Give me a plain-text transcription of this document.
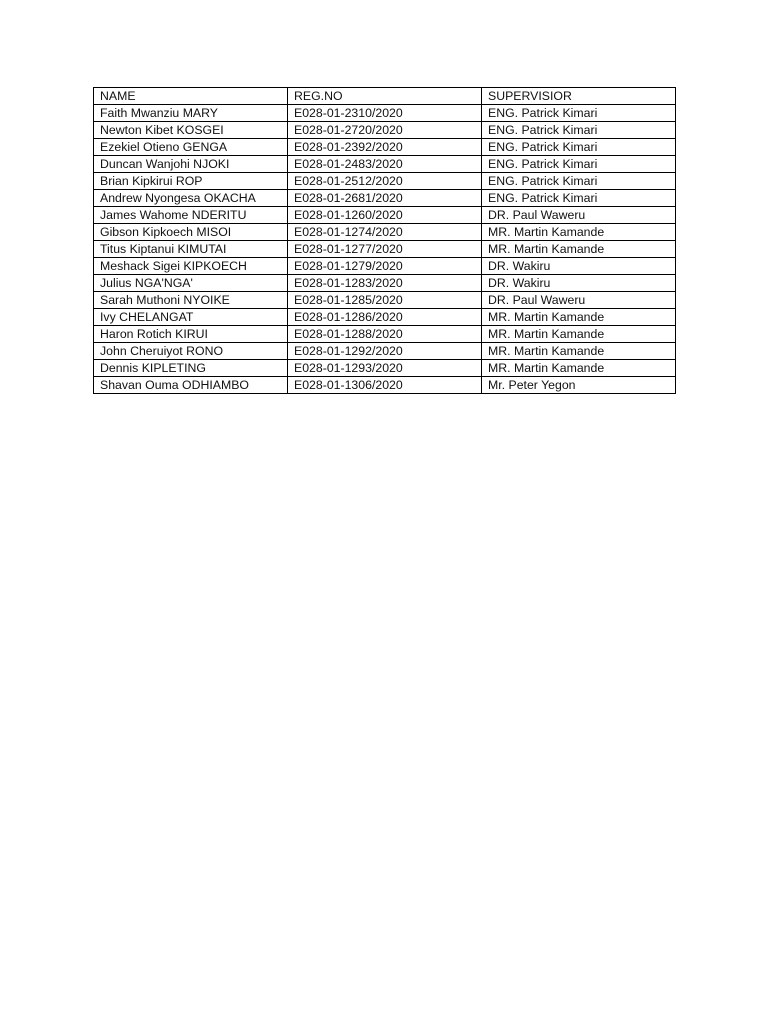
NAME	REG.NO	SUPERVISIOR
Faith Mwanziu MARY	E028-01-2310/2020	ENG. Patrick Kimari
Newton Kibet KOSGEI	E028-01-2720/2020	ENG. Patrick Kimari
Ezekiel Otieno GENGA	E028-01-2392/2020	ENG. Patrick Kimari
Duncan Wanjohi NJOKI	E028-01-2483/2020	ENG. Patrick Kimari
Brian Kipkirui ROP	E028-01-2512/2020	ENG. Patrick Kimari
Andrew Nyongesa OKACHA	E028-01-2681/2020	ENG. Patrick Kimari
James Wahome NDERITU	E028-01-1260/2020	DR. Paul Waweru
Gibson Kipkoech MISOI	E028-01-1274/2020	MR. Martin Kamande
Titus Kiptanui KIMUTAI	E028-01-1277/2020	MR. Martin Kamande
Meshack Sigei KIPKOECH	E028-01-1279/2020	DR. Wakiru
Julius NGA'NGA'	E028-01-1283/2020	DR. Wakiru
Sarah Muthoni NYOIKE	E028-01-1285/2020	DR. Paul Waweru
Ivy CHELANGAT	E028-01-1286/2020	MR. Martin Kamande
Haron Rotich KIRUI	E028-01-1288/2020	MR. Martin Kamande
John Cheruiyot RONO	E028-01-1292/2020	MR. Martin Kamande
Dennis KIPLETING	E028-01-1293/2020	MR. Martin Kamande
Shavan Ouma ODHIAMBO	E028-01-1306/2020	Mr. Peter Yegon
